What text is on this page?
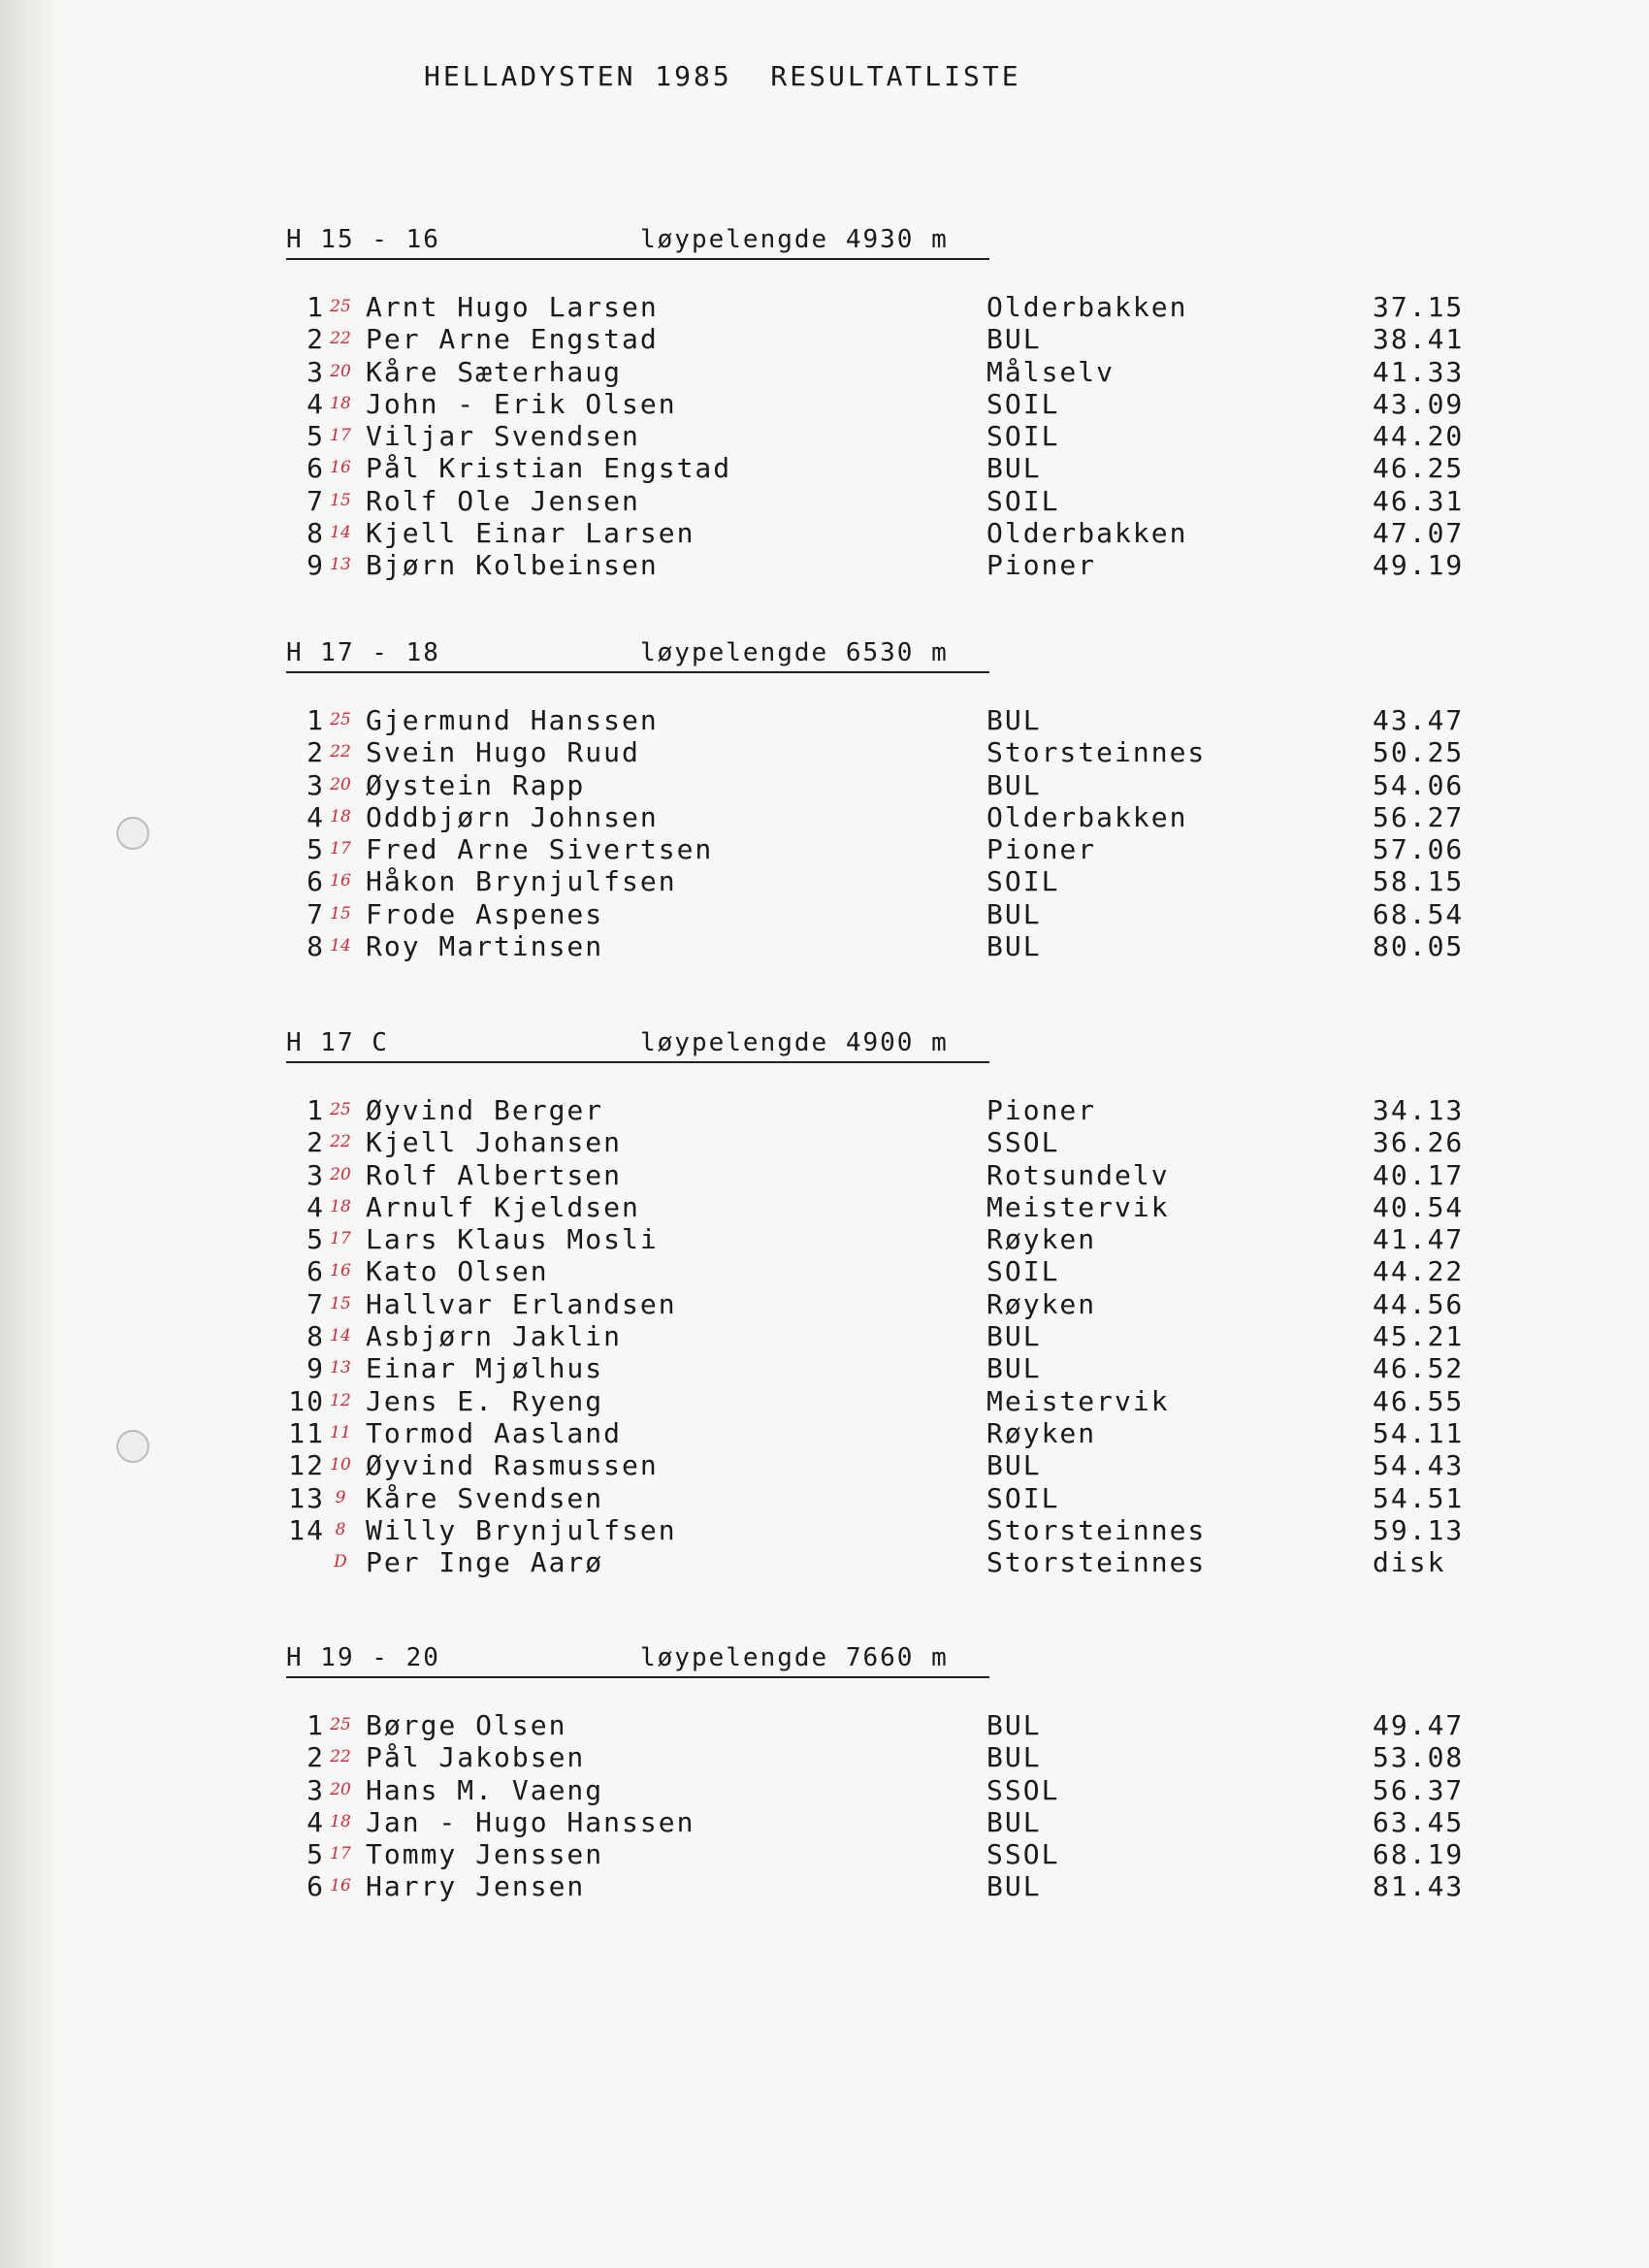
HELLADYSTEN 1985  RESULTATLISTE
H 15 - 16	løypelengde 4930 m
1 25 Arnt Hugo Larsen	Olderbakken	37.15
2 22 Per Arne Engstad	BUL	38.41
3 20 Kåre Sæterhaug	Målselv	41.33
4 18 John - Erik Olsen	SOIL	43.09
5 17 Viljar Svendsen	SOIL	44.20
6 16 Pål Kristian Engstad	BUL	46.25
7 15 Rolf Ole Jensen	SOIL	46.31
8 14 Kjell Einar Larsen	Olderbakken	47.07
9 13 Bjørn Kolbeinsen	Pioner	49.19
H 17 - 18	løypelengde 6530 m
1 25 Gjermund Hanssen	BUL	43.47
2 22 Svein Hugo Ruud	Storsteinnes	50.25
3 20 Øystein Rapp	BUL	54.06
4 18 Oddbjørn Johnsen	Olderbakken	56.27
5 17 Fred Arne Sivertsen	Pioner	57.06
6 16 Håkon Brynjulfsen	SOIL	58.15
7 15 Frode Aspenes	BUL	68.54
8 14 Roy Martinsen	BUL	80.05
H 17 C	løypelengde 4900 m
1 25 Øyvind Berger	Pioner	34.13
2 22 Kjell Johansen	SSOL	36.26
3 20 Rolf Albertsen	Rotsundelv	40.17
4 18 Arnulf Kjeldsen	Meistervik	40.54
5 17 Lars Klaus Mosli	Røyken	41.47
6 16 Kato Olsen	SOIL	44.22
7 15 Hallvar Erlandsen	Røyken	44.56
8 14 Asbjørn Jaklin	BUL	45.21
9 13 Einar Mjølhus	BUL	46.52
10 12 Jens E. Ryeng	Meistervik	46.55
11 11 Tormod Aasland	Røyken	54.11
12 10 Øyvind Rasmussen	BUL	54.43
13 9 Kåre Svendsen	SOIL	54.51
14 8 Willy Brynjulfsen	Storsteinnes	59.13
D Per Inge Aarø	Storsteinnes	disk
H 19 - 20	løypelengde 7660 m
1 25 Børge Olsen	BUL	49.47
2 22 Pål Jakobsen	BUL	53.08
3 20 Hans M. Vaeng	SSOL	56.37
4 18 Jan - Hugo Hanssen	BUL	63.45
5 17 Tommy Jenssen	SSOL	68.19
6 16 Harry Jensen	BUL	81.43
